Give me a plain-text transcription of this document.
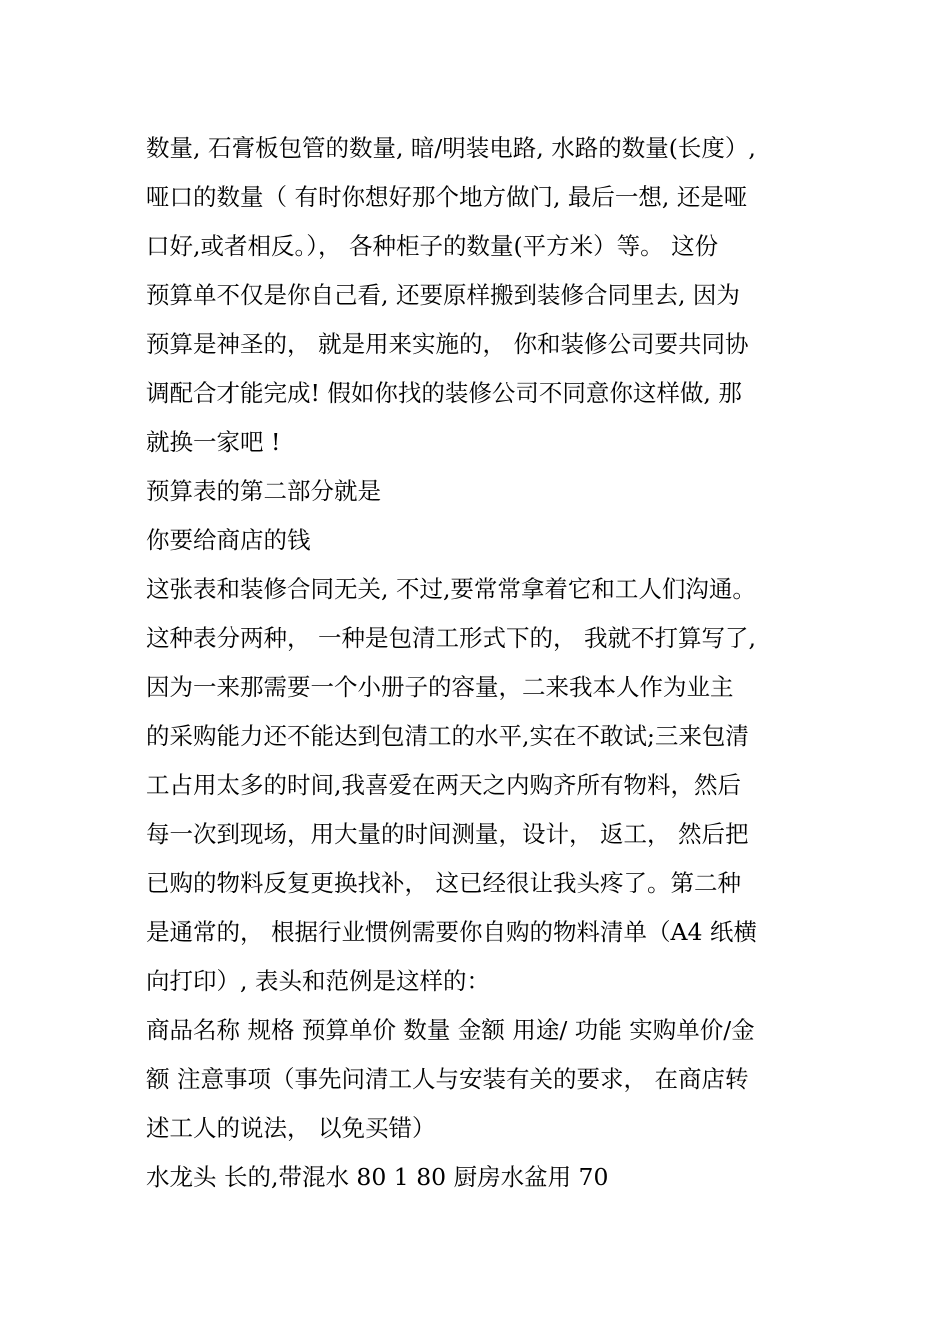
数量, 石膏板包管的数量, 暗/明装电路, 水路的数量(长度）,
哑口的数量（ 有时你想好那个地方做门, 最后一想, 还是哑
口好,或者相反。）， 各种柜子的数量(平方米）等。 这份
预算单不仅是你自己看, 还要原样搬到装修合同里去, 因为
预算是神圣的， 就是用来实施的， 你和装修公司要共同协
调配合才能完成! 假如你找的装修公司不同意你这样做, 那
就换一家吧 !
预算表的第二部分就是
你要给商店的钱
这张表和装修合同无关, 不过,要常常拿着它和工人们沟通。
这种表分两种， 一种是包清工形式下的， 我就不打算写了,
因为一来那需要一个小册子的容量，二来我本人作为业主
的采购能力还不能达到包清工的水平,实在不敢试;三来包清
工占用太多的时间,我喜爱在两天之内购齐所有物料，然后
每一次到现场，用大量的时间测量，设计， 返工， 然后把
已购的物料反复更换找补， 这已经很让我头疼了。第二种
是通常的， 根据行业惯例需要你自购的物料清单（A4 纸横
向打印）, 表头和范例是这样的：
商品名称 规格 预算单价 数量 金额 用途/ 功能 实购单价/金
额 注意事项（事先问清工人与安装有关的要求， 在商店转
述工人的说法， 以免买错）
水龙头 长的,带混水 80 1 80 厨房水盆用 70
